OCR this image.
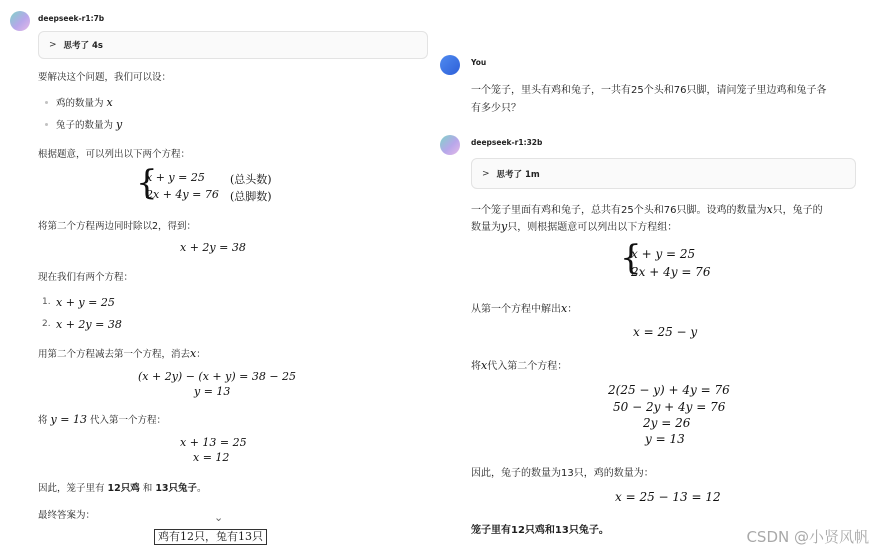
deepseek-r1:7b
> 思考了 4s
要解决这个问题，我们可以设：
鸡的数量为 x
兔子的数量为 y
根据题意，可以列出以下两个方程：
{
x + y = 25 (总头数)
2x + 4y = 76 (总脚数)
将第二个方程两边同时除以2，得到：
x + 2y = 38
现在我们有两个方程：
1. x + y = 25
2. x + 2y = 38
用第二个方程减去第一个方程，消去x：
(x + 2y) − (x + y) = 38 − 25
y = 13
将 y = 13 代入第一个方程：
x + 13 = 25
x = 12
因此，笼子里有 12只鸡 和 13只兔子。
最终答案为：	⌄
鸡有12只，兔有13只
You
一个笼子，里头有鸡和兔子，一共有25个头和76只脚，请问笼子里边鸡和兔子各
有多少只？
deepseek-r1:32b
> 思考了 1m
一个笼子里面有鸡和兔子，总共有25个头和76只脚。设鸡的数量为x只，兔子的
数量为y只，则根据题意可以列出以下方程组：
{
x + y = 25
2x + 4y = 76
从第一个方程中解出x：
x = 25 − y
将x代入第二个方程：
2(25 − y) + 4y = 76
50 − 2y + 4y = 76
2y = 26
y = 13
因此，兔子的数量为13只，鸡的数量为：
x = 25 − 13 = 12
笼子里有12只鸡和13只兔子。	CSDN @小贤风帆
